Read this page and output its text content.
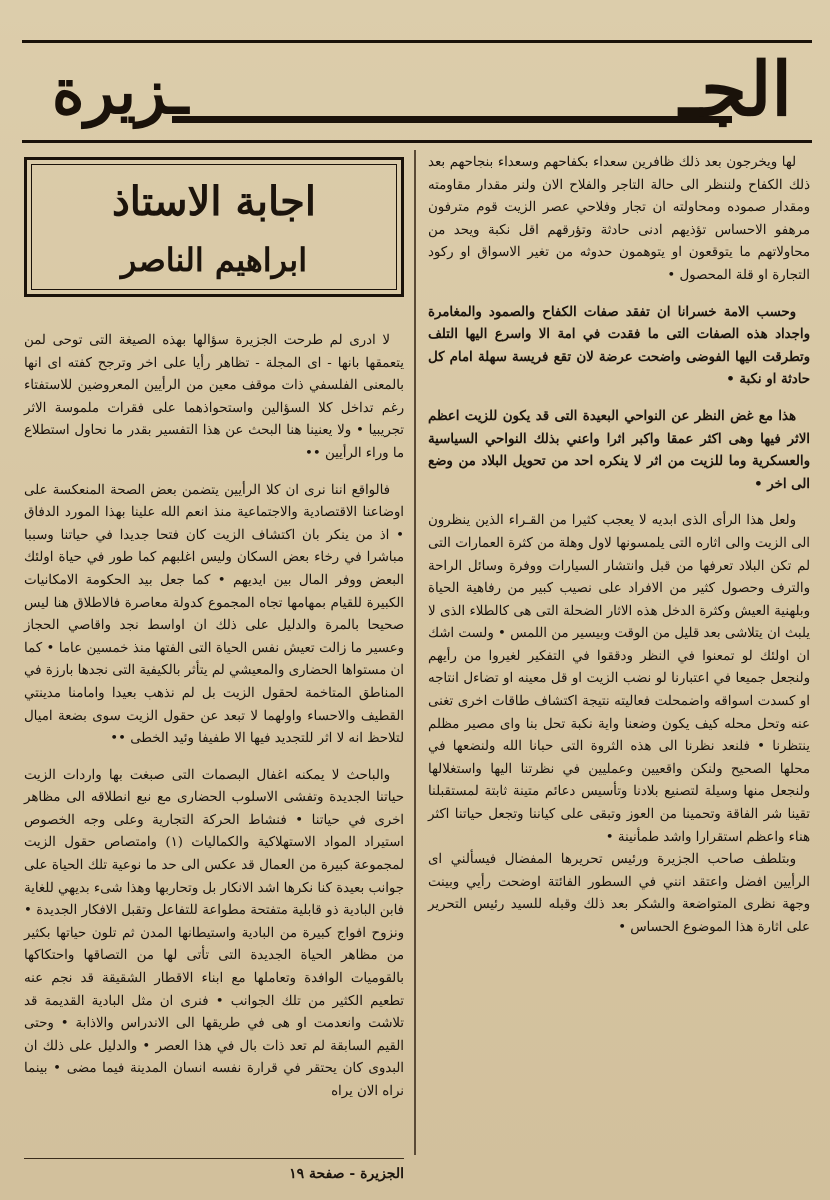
الجـ
ـزيرة
اجابة الاستاذ
ابراهيم الناصر

لها ويخرجون بعد ذلك ظافرين سعداء بكفاحهم وسعداء بنجاحهم بعد ذلك الكفاح ولننظر الى حالة التاجر والفلاح الان ولنر مقدار مقاومته ومقدار صموده ومحاولته ان تجار وفلاحي عصر الزيت قوم مترفون مرهفو الاحساس تؤذيهم ادنى حادثة وتؤرقهم اقل نكبة ويحد من محاولاتهم ما يتوقعون او يتوهمون حدوثه من تغير الاسواق او ركود التجارة او قلة المحصول •

وحسب الامة خسرانا ان تفقد صفات الكفاح والصمود والمغامرة واجداد هذه الصفات التى ما فقدت في امة الا واسرع اليها التلف وتطرقت اليها الفوضى واضحت عرضة لان تقع فريسة سهلة امام كل حادثة او نكبة •

هذا مع غض النظر عن النواحي البعيدة التى قد يكون للزيت اعظم الاثر فيها وهى اكثر عمقا واكبر اثرا واعني بذلك النواحي السياسية والعسكرية وما للزيت من اثر لا ينكره احد من تحويل البلاد من وضع الى اخر •

ولعل هذا الرأى الذى ابديه لا يعجب كثيرا من القـراء الذين ينظرون الى الزيت والى اثاره التى يلمسونها لاول وهلة من كثرة العمارات التى لم تكن البلاد تعرفها من قبل وانتشار السيارات ووفرة وسائل الراحة والترف وحصول كثير من الافراد على نصيب كبير من رفاهية الحياة وبلهنية العيش وكثرة الدخل هذه الاثار الضحلة التى هى كالطلاء الذى لا يلبث ان يتلاشى بعد قليل من الوقت وبيسير من اللمس • ولست اشك ان اولئك لو تمعنوا في النظر ودققوا في التفكير لغيروا من رأيهم ولنجعل جميعا في اعتبارنا لو نضب الزيت او قل معينه او تضاءل انتاجه او كسدت اسواقه واضمحلت فعاليته نتيجة اكتشاف طاقات اخرى تغنى عنه وتحل محله كيف يكون وضعنا واية نكبة تحل بنا واى مصير مظلم ينتظرنا • فلنعد نظرنا الى هذه الثروة التى حبانا الله ولنضعها في محلها الصحيح ولنكن واقعيين وعمليين في نظرتنا اليها واستغلالها ولنجعل منها وسيلة لتصنيع بلادنا وتأسيس دعائم متينة ثابتة لمستقبلنا تقينا شر الفاقة وتحمينا من العوز وتبقى على كياننا وتجعل حياتنا اكثر هناء واعظم استقرارا واشد طمأنينة •

وبتلطف صاحب الجزيرة ورئيس تحريرها المفضال فيسألني اى الرأيين افضل واعتقد انني في السطور الفائتة اوضحت رأيي وبينت وجهة نظرى المتواضعة والشكر بعد ذلك وقبله للسيد رئيس التحرير على اثارة هذا الموضوع الحساس •

لا ادرى لم طرحت الجزيرة سؤالها بهذه الصيغة التى توحى لمن يتعمقها بانها - اى المجلة - تظاهر رأيا على اخر وترجح كفته اى انها بالمعنى الفلسفي ذات موقف معين من الرأيين المعروضين للاستفتاء رغم تداخل كلا السؤالين واستحواذهما على فقرات ملموسة الاثر تجريبيا • ولا يعنينا هنا البحث عن هذا التفسير بقدر ما نحاول استطلاع ما وراء الرأيين ••

فالواقع اننا نرى ان كلا الرأيين يتضمن بعض الصحة المنعكسة على اوضاعنا الاقتصادية والاجتماعية منذ انعم الله علينا بهذا المورد الدفاق • اذ من ينكر بان اكتشاف الزيت كان فتحا جديدا في حياتنا وسببا مباشرا في رخاء بعض السكان وليس اغلبهم كما طور في حياة اولئك البعض ووفر المال بين ايديهم • كما جعل بيد الحكومة الامكانيات الكبيرة للقيام بمهامها تجاه المجموع كدولة معاصرة فالاطلاق هنا ليس صحيحا بالمرة والدليل على ذلك ان اواسط نجد واقاصي الحجاز وعسير ما زالت تعيش نفس الحياة التى الفتها منذ خمسين عاما • كما ان مستواها الحضارى والمعيشي لم يتأثر بالكيفية التى نجدها بارزة في المناطق المتاخمة لحقول الزيت بل لم نذهب بعيدا وامامنا مدينتي القطيف والاحساء واولهما لا تبعد عن حقول الزيت سوى بضعة اميال لتلاحظ انه لا اثر للتجديد فيها الا طفيفا وئيد الخطى ••

والباحث لا يمكنه اغفال البصمات التى صبغت بها واردات الزيت حياتنا الجديدة وتفشى الاسلوب الحضارى مع نبع انطلاقه الى مظاهر اخرى في حياتنا • فنشاط الحركة التجارية وعلى وجه الخصوص استيراد المواد الاستهلاكية والكماليات (١) وامتصاص حقول الزيت لمجموعة كبيرة من العمال قد عكس الى حد ما نوعية تلك الحياة على جوانب بعيدة كنا نكرها اشد الانكار بل وتحاربها وهذا شىء بديهي للغاية فابن البادية ذو قابلية متفتحة مطواعة للتفاعل وتقبل الافكار الجديدة • ونزوح افواج كبيرة من البادية واستيطانها المدن ثم تلون حياتها بكثير من مظاهر الحياة الجديدة التى تأتى لها من التصاقها واحتكاكها بالقوميات الوافدة وتعاملها مع ابناء الاقطار الشقيقة قد نجم عنه تطعيم الكثير من تلك الجوانب • فنرى ان مثل البادية القديمة قد تلاشت وانعدمت او هى في طريقها الى الاندراس والاذابة • وحتى القيم السابقة لم تعد ذات بال في هذا العصر • والدليل على ذلك ان البدوى كان يحتقر في قرارة نفسه انسان المدينة فيما مضى • بينما نراه الان يراه

الجزيرة - صفحة ١٩
